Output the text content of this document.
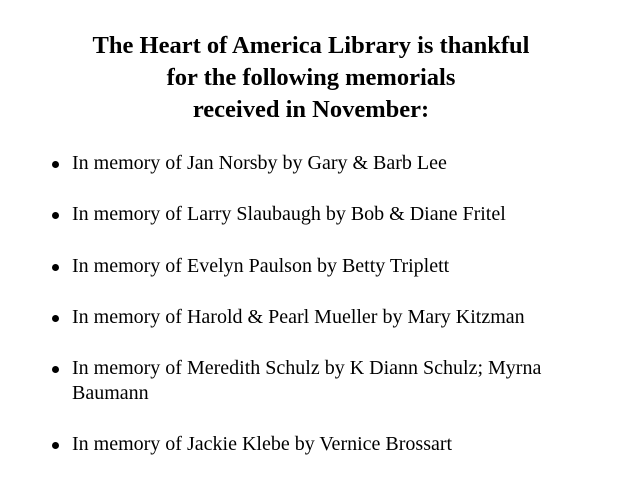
The Heart of America Library is thankful
for the following memorials
received in November:
In memory of Jan Norsby by Gary & Barb Lee
In memory of Larry Slaubaugh by Bob & Diane Fritel
In memory of Evelyn Paulson by Betty Triplett
In memory of Harold & Pearl Mueller by Mary Kitzman
In memory of Meredith Schulz by K Diann Schulz; Myrna Baumann
In memory of Jackie Klebe by Vernice Brossart
